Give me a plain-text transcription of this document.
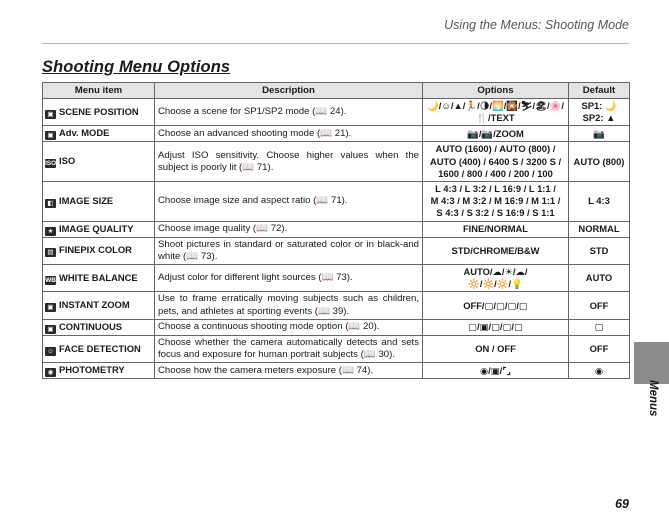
Using the Menus: Shooting Mode
Shooting Menu Options
Menu item	Description	Options	Default
▣ SCENE POSITION	Choose a scene for SP1/SP2 mode (📖 24).	🌙/☺/▲/🏃/🌗/🌅/🎇/⛷/🏖/🌸/🍴/TEXT	SP1: 🌙
SP2: ▲

▣ Adv. MODE	Choose an advanced shooting mode (📖 21).	📷/📷/ZOOM	📷

ISO ISO	Adjust ISO sensitivity. Choose higher values when the subject is poorly lit (📖 71).	AUTO (1600) / AUTO (800) /
AUTO (400) / 6400 S / 3200 S /
1600 / 800 / 400 / 200 / 100	AUTO (800)

◧ IMAGE SIZE	Choose image size and aspect ratio (📖 71).	L 4:3 / L 3:2 / L 16:9 / L 1:1 /
M 4:3 / M 3:2 / M 16:9 / M 1:1 /
S 4:3 / S 3:2 / S 16:9 / S 1:1	L 4:3

★ IMAGE QUALITY	Choose image quality (📖 72).	FINE/NORMAL	NORMAL

▤ FINEPIX COLOR	Shoot pictures in standard or saturated color or in black-and white (📖 73).	STD/CHROME/B&W	STD

WB WHITE BALANCE	Adjust color for different light sources (📖 73).	AUTO/☁/☀/☁/
🔆/🔆/🔆/💡	AUTO

▣ INSTANT ZOOM	Use to frame erratically moving subjects such as children, pets, and athletes at sporting events (📖 39).	OFF/▢/▢/▢/▢	OFF

▣ CONTINUOUS	Choose a continuous shooting mode option (📖 20).	▢/▣/▢/▢/▢	▢

☺ FACE DETECTION	Choose whether the camera automatically detects and sets focus and exposure for human portrait subjects (📖 30).	ON / OFF	OFF

◉ PHOTOMETRY	Choose how the camera meters exposure (📖 74).	◉/▣/⌜⌟	◉
Menus
69
